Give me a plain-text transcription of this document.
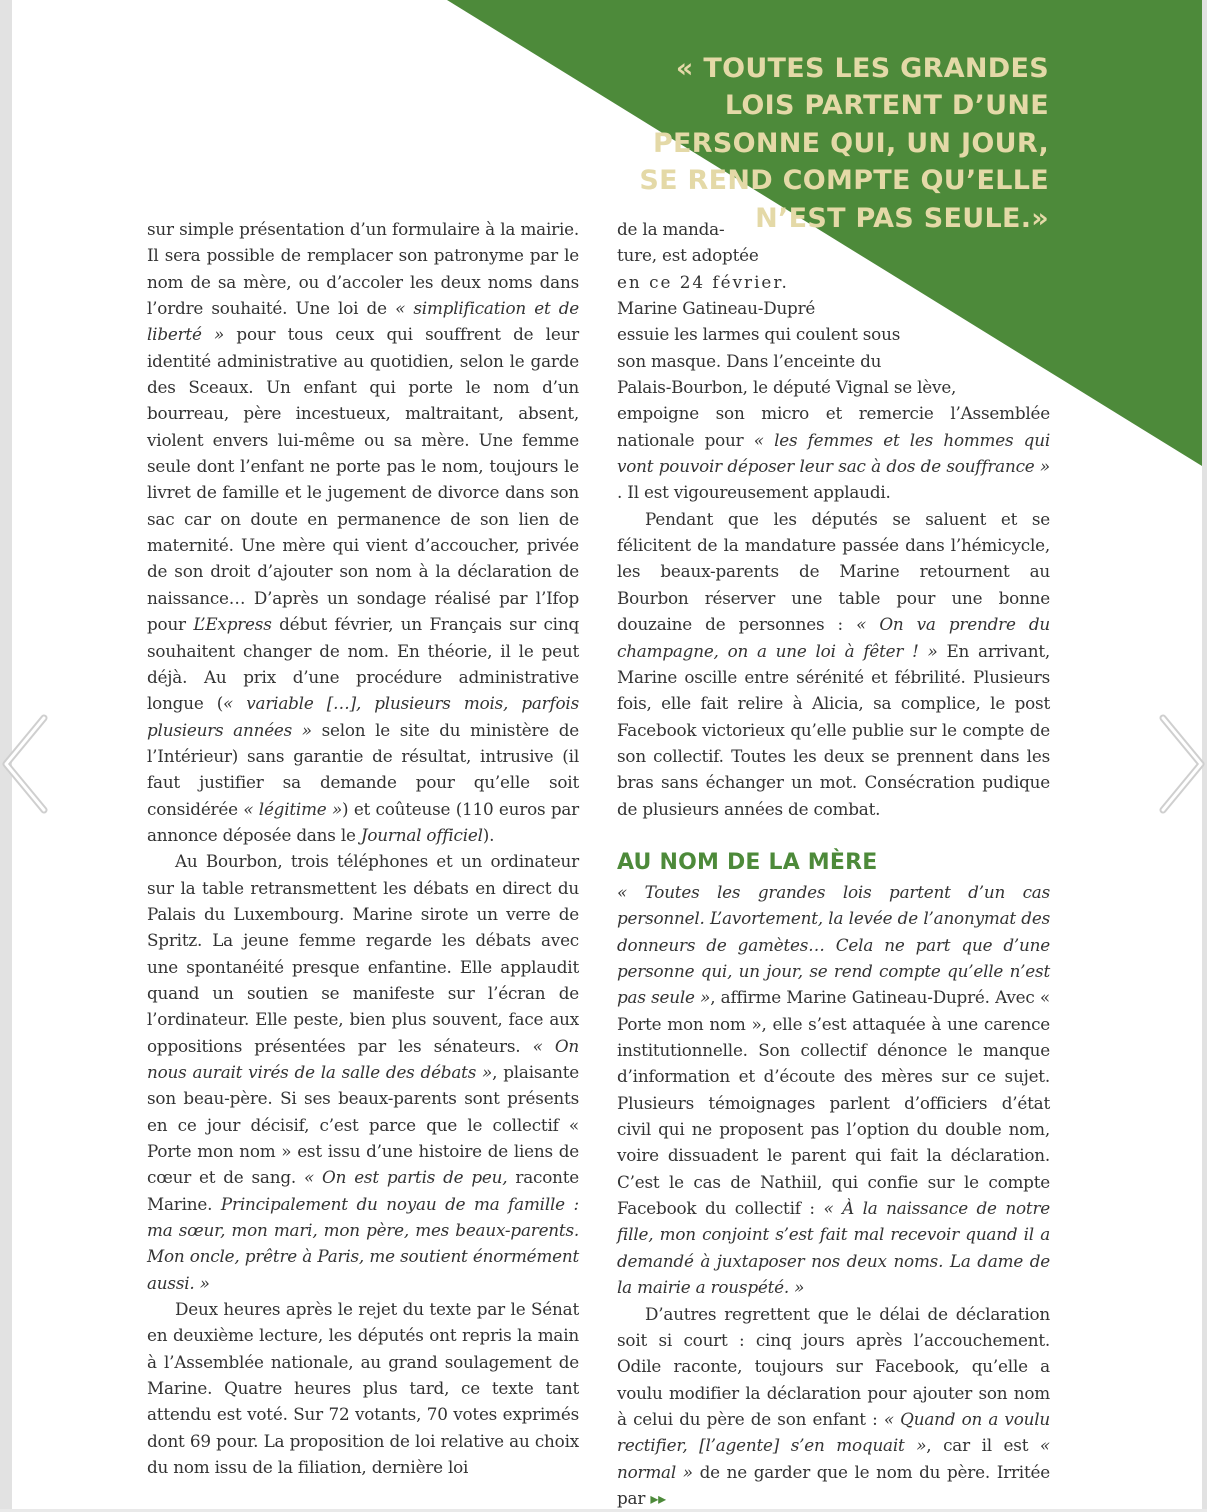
« TOUTES LES GRANDES LOIS PARTENT D’UNE PERSONNE QUI, UN JOUR, SE REND COMPTE QU’ELLE N’EST PAS SEULE.»

sur simple présentation d’un formulaire à la mairie. Il sera possible de remplacer son patronyme par le nom de sa mère, ou d’accoler les deux noms dans l’ordre souhaité. Une loi de « simplification et de liberté » pour tous ceux qui souffrent de leur identité administrative au quotidien, selon le garde des Sceaux. Un enfant qui porte le nom d’un bourreau, père incestueux, maltraitant, absent, violent envers lui-même ou sa mère. Une femme seule dont l’enfant ne porte pas le nom, toujours le livret de famille et le jugement de divorce dans son sac car on doute en permanence de son lien de maternité. Une mère qui vient d’accoucher, privée de son droit d’ajouter son nom à la déclaration de naissance… D’après un sondage réalisé par l’Ifop pour L’Express début février, un Français sur cinq souhaitent changer de nom. En théorie, il le peut déjà. Au prix d’une procédure administrative longue (« variable […], plusieurs mois, parfois plusieurs années » selon le site du ministère de l’Intérieur) sans garantie de résultat, intrusive (il faut justifier sa demande pour qu’elle soit considérée « légitime ») et coûteuse (110 euros par annonce déposée dans le Journal officiel).

Au Bourbon, trois téléphones et un ordinateur sur la table retransmettent les débats en direct du Palais du Luxembourg. Marine sirote un verre de Spritz. La jeune femme regarde les débats avec une spontanéité presque enfantine. Elle applaudit quand un soutien se manifeste sur l’écran de l’ordinateur. Elle peste, bien plus souvent, face aux oppositions présentées par les sénateurs. « On nous aurait virés de la salle des débats », plaisante son beau-père. Si ses beaux-parents sont présents en ce jour décisif, c’est parce que le collectif « Porte mon nom » est issu d’une histoire de liens de cœur et de sang. « On est partis de peu, raconte Marine. Principalement du noyau de ma famille : ma sœur, mon mari, mon père, mes beaux-parents. Mon oncle, prêtre à Paris, me soutient énormément aussi. »

Deux heures après le rejet du texte par le Sénat en deuxième lecture, les députés ont repris la main à l’Assemblée nationale, au grand soulagement de Marine. Quatre heures plus tard, ce texte tant attendu est voté. Sur 72 votants, 70 votes exprimés dont 69 pour. La proposition de loi relative au choix du nom issu de la filiation, dernière loi

de la manda-
ture, est adoptée
en ce 24 février.
Marine Gatineau-Dupré
essuie les larmes qui coulent sous
son masque. Dans l’enceinte du
Palais-Bourbon, le député Vignal se lève,

empoigne son micro et remercie l’Assemblée nationale pour « les femmes et les hommes qui vont pouvoir déposer leur sac à dos de souffrance » . Il est vigoureusement applaudi.

Pendant que les députés se saluent et se félicitent de la mandature passée dans l’hémicycle, les beaux-parents de Marine retournent au Bourbon réserver une table pour une bonne douzaine de personnes : « On va prendre du champagne, on a une loi à fêter ! » En arrivant, Marine oscille entre sérénité et fébrilité. Plusieurs fois, elle fait relire à Alicia, sa complice, le post Facebook victorieux qu’elle publie sur le compte de son collectif. Toutes les deux se prennent dans les bras sans échanger un mot. Consécration pudique de plusieurs années de combat.

AU NOM DE LA MÈRE

« Toutes les grandes lois partent d’un cas personnel. L’avortement, la levée de l’anonymat des donneurs de gamètes… Cela ne part que d’une personne qui, un jour, se rend compte qu’elle n’est pas seule », affirme Marine Gatineau-Dupré. Avec « Porte mon nom », elle s’est attaquée à une carence institutionnelle. Son collectif dénonce le manque d’information et d’écoute des mères sur ce sujet. Plusieurs témoignages parlent d’officiers d’état civil qui ne proposent pas l’option du double nom, voire dissuadent le parent qui fait la déclaration. C’est le cas de Nathiil, qui confie sur le compte Facebook du collectif : « À la naissance de notre fille, mon conjoint s’est fait mal recevoir quand il a demandé à juxtaposer nos deux noms. La dame de la mairie a rouspété. »

D’autres regrettent que le délai de déclaration soit si court : cinq jours après l’accouchement. Odile raconte, toujours sur Facebook, qu’elle a voulu modifier la déclaration pour ajouter son nom à celui du père de son enfant : « Quand on a voulu rectifier, [l’agente] s’en moquait », car il est « normal » de ne garder que le nom du père. Irritée par ▸▸
